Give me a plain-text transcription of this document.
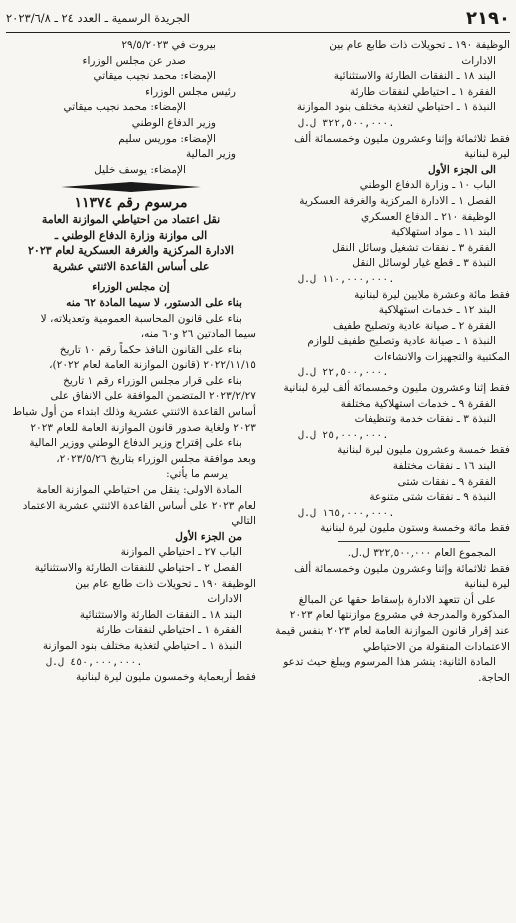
٢١٩٠
الجريدة الرسمية ـ العدد ٢٤ ـ ٢٠٢٣/٦/٨
الوظيفة ١٩٠ ـ تحويلات ذات طابع عام بين
الادارات
البند ١٨ ـ النفقات الطارئة والاستثنائية
الفقرة ١ ـ احتياطي لنفقات طارئة
النبذة ١ ـ احتياطي لتغذية مختلف بنود الموازنة
٣٢٢,٥٠٠,٠٠٠ ل.ل.
فقط ثلاثمائة وإثنا وعشرون مليون وخمسمائة ألف
ليرة لبنانية
الى الجزء الأول
الباب ١٠ ـ وزارة الدفاع الوطني
الفصل ١ ـ الادارة المركزية والغرفة العسكرية
الوظيفة ٢١٠ ـ الدفاع العسكري
البند ١١ ـ مواد استهلاكية
الفقرة ٣ ـ نفقات تشغيل وسائل النقل
النبذة ٣ ـ قطع غيار لوسائل النقل
١١٠,٠٠٠,٠٠٠ ل.ل.
فقط مائة وعشرة ملايين ليرة لبنانية
البند ١٢ ـ خدمات استهلاكية
الفقرة ٢ ـ صيانة عادية وتصليح طفيف
النبذة ١ ـ صيانة عادية وتصليح طفيف للوازم
المكتبية والتجهيزات والانشاءات
٢٢,٥٠٠,٠٠٠ ل.ل.
فقط إثنا وعشرون مليون وخمسمائة ألف ليرة لبنانية
الفقرة ٩ ـ خدمات استهلاكية مختلفة
النبذة ٣ ـ نفقات خدمة وتنظيفات
٢٥,٠٠٠,٠٠٠ ل.ل.
فقط خمسة وعشرون مليون ليرة لبنانية
البند ١٦ ـ نفقات مختلفة
الفقرة ٩ ـ نفقات شتى
النبذة ٩ ـ نفقات شتى متنوعة
١٦٥,٠٠٠,٠٠٠ ل.ل.
فقط مائة وخمسة وستون مليون ليرة لبنانية
المجموع العام ٣٢٢,٥٠٠,٠٠٠ ل.ل.
فقط ثلاثمائة وإثنا وعشرون مليون وخمسمائة ألف
ليرة لبنانية
على أن تتعهد الادارة بإسقاط حقها عن المبالغ
المذكورة والمدرجة في مشروع موازنتها لعام ٢٠٢٣
عند إقرار قانون الموازنة العامة لعام ٢٠٢٣ بنفس قيمة
الاعتمادات المنقولة من الاحتياطي
المادة الثانية: ينشر هذا المرسوم ويبلغ حيث تدعو
الحاجة.
بيروت في ٢٩/٥/٢٠٢٣
صدر عن مجلس الوزراء
الإمضاء: محمد نجيب ميقاتي
رئيس مجلس الوزراء
الإمضاء: محمد نجيب ميقاتي
وزير الدفاع الوطني
الإمضاء: موريس سليم
وزير المالية
الإمضاء: يوسف خليل
مرسوم رقم ١١٣٧٤
نقل اعتماد من احتياطي الموازنة العامة
الى موازنة وزارة الدفاع الوطني ـ
الادارة المركزية والغرفة العسكرية لعام ٢٠٢٣
على أساس القاعدة الاثنتي عشرية
إن مجلس الوزراء
بناء على الدستور، لا سيما المادة ٦٢ منه
بناء على قانون المحاسبة العمومية وتعديلاته، لا
سيما المادتين ٢٦ و٦٠ منه،
بناء على القانون النافذ حكماً رقم ١٠ تاريخ
٢٠٢٢/١١/١٥ (قانون الموازنة العامة لعام ٢٠٢٢)،
بناء على قرار مجلس الوزراء رقم ١ تاريخ
٢٠٢٣/٢/٢٧ المتضمن الموافقة على الانفاق على
أساس القاعدة الاثنتي عشرية وذلك ابتداء من أول شباط
٢٠٢٣ ولغاية صدور قانون الموازنة العامة للعام ٢٠٢٣
بناء على إقتراح وزير الدفاع الوطني ووزير المالية
وبعد موافقة مجلس الوزراء بتاريخ ٢٠٢٣/٥/٢٦،
يرسم ما يأتي:
المادة الاولى: ينقل من احتياطي الموازنة العامة
لعام ٢٠٢٣ على أساس القاعدة الاثنتي عشرية الاعتماد
التالي
من الجزء الأول
الباب ٢٧ ـ احتياطي الموازنة
الفصل ٢ ـ احتياطي للنفقات الطارئة والاستثنائية
الوظيفة ١٩٠ ـ تحويلات ذات طابع عام بين
الادارات
البند ١٨ ـ النفقات الطارئة والاستثنائية
الفقرة ١ ـ احتياطي لنفقات طارئة
النبذة ١ ـ احتياطي لتغذية مختلف بنود الموازنة
٤٥٠,٠٠٠,٠٠٠ ل.ل.
فقط أربعماية وخمسون مليون ليرة لبنانية
